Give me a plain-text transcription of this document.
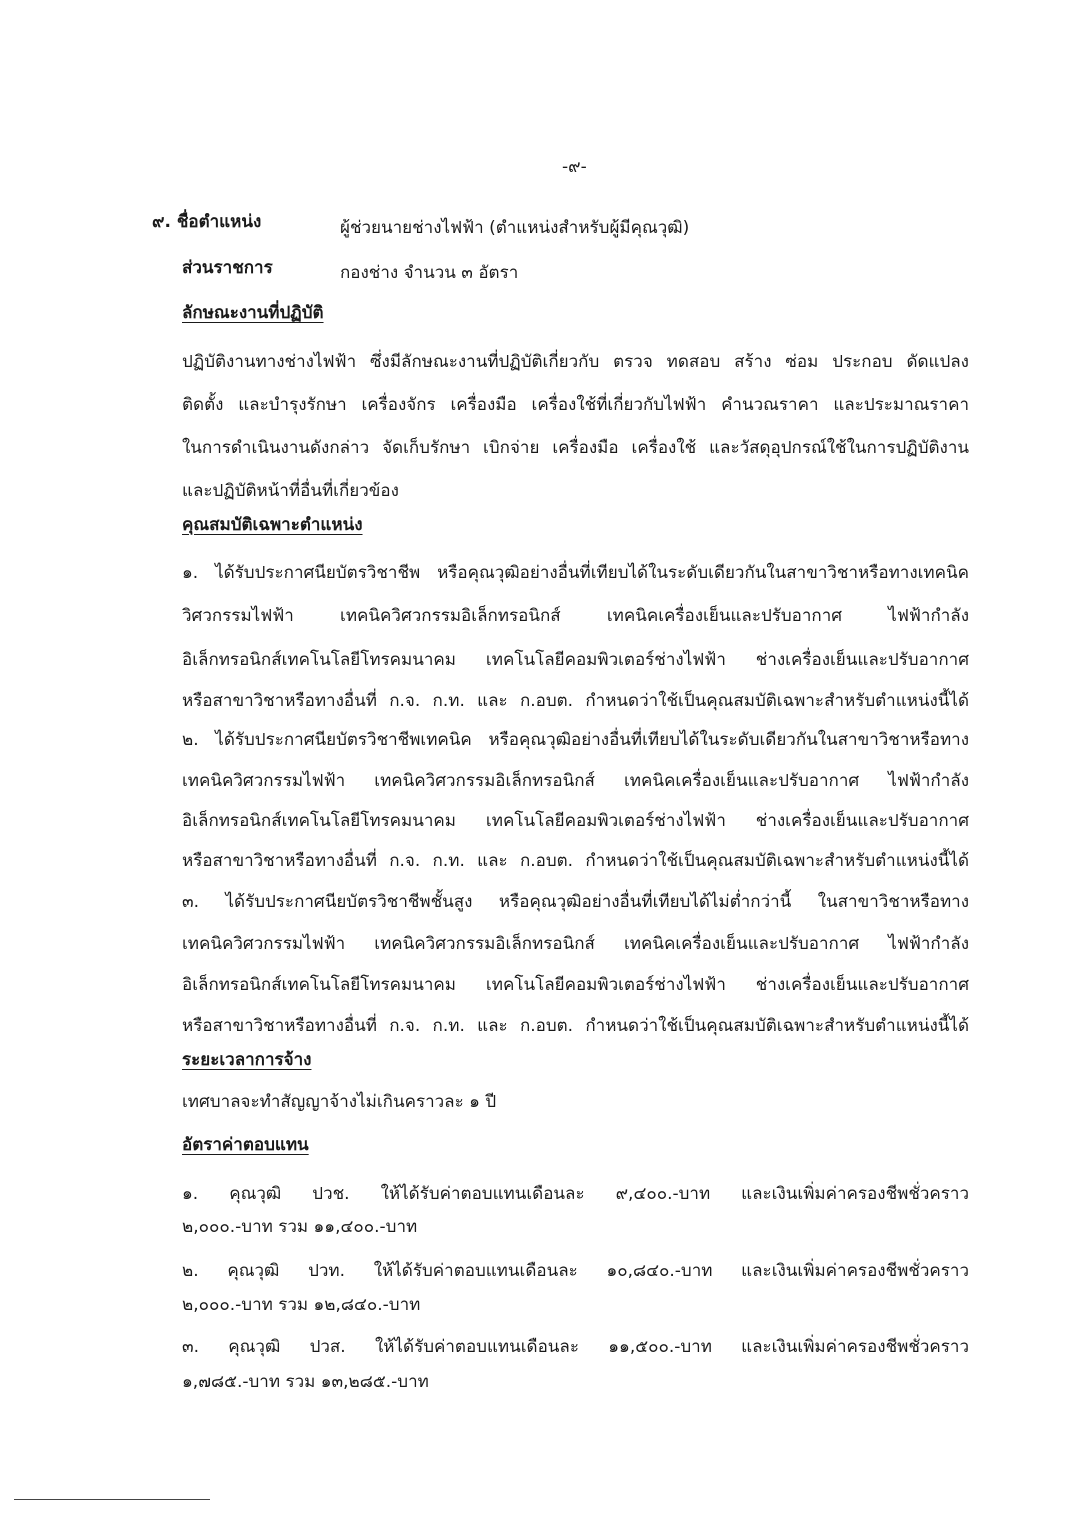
-๙-
๙. ชื่อตำแหน่ง	ผู้ช่วยนายช่างไฟฟ้า (ตำแหน่งสำหรับผู้มีคุณวุฒิ)
ส่วนราชการ	กองช่าง จำนวน ๓ อัตรา
ลักษณะงานที่ปฏิบัติ
ปฏิบัติงานทางช่างไฟฟ้า ซึ่งมีลักษณะงานที่ปฏิบัติเกี่ยวกับ ตรวจ ทดสอบ สร้าง ซ่อม ประกอบ ดัดแปลง
ติดตั้ง และบำรุงรักษา เครื่องจักร เครื่องมือ เครื่องใช้ที่เกี่ยวกับไฟฟ้า คำนวณราคา และประมาณราคา
ในการดำเนินงานดังกล่าว จัดเก็บรักษา เบิกจ่าย เครื่องมือ เครื่องใช้ และวัสดุอุปกรณ์ใช้ในการปฏิบัติงาน
และปฏิบัติหน้าที่อื่นที่เกี่ยวข้อง
คุณสมบัติเฉพาะตำแหน่ง
๑. ได้รับประกาศนียบัตรวิชาชีพ หรือคุณวุฒิอย่างอื่นที่เทียบได้ในระดับเดียวกันในสาขาวิชาหรือทางเทคนิค
วิศวกรรมไฟฟ้า เทคนิควิศวกรรมอิเล็กทรอนิกส์ เทคนิคเครื่องเย็นและปรับอากาศ ไฟฟ้ากำลัง
อิเล็กทรอนิกส์เทคโนโลยีโทรคมนาคม เทคโนโลยีคอมพิวเตอร์ช่างไฟฟ้า ช่างเครื่องเย็นและปรับอากาศ
หรือสาขาวิชาหรือทางอื่นที่ ก.จ. ก.ท. และ ก.อบต. กำหนดว่าใช้เป็นคุณสมบัติเฉพาะสำหรับตำแหน่งนี้ได้
๒. ได้รับประกาศนียบัตรวิชาชีพเทคนิค หรือคุณวุฒิอย่างอื่นที่เทียบได้ในระดับเดียวกันในสาขาวิชาหรือทาง
เทคนิควิศวกรรมไฟฟ้า เทคนิควิศวกรรมอิเล็กทรอนิกส์ เทคนิคเครื่องเย็นและปรับอากาศ ไฟฟ้ากำลัง
อิเล็กทรอนิกส์เทคโนโลยีโทรคมนาคม เทคโนโลยีคอมพิวเตอร์ช่างไฟฟ้า ช่างเครื่องเย็นและปรับอากาศ
หรือสาขาวิชาหรือทางอื่นที่ ก.จ. ก.ท. และ ก.อบต. กำหนดว่าใช้เป็นคุณสมบัติเฉพาะสำหรับตำแหน่งนี้ได้
๓. ได้รับประกาศนียบัตรวิชาชีพชั้นสูง หรือคุณวุฒิอย่างอื่นที่เทียบได้ไม่ต่ำกว่านี้ ในสาขาวิชาหรือทาง
เทคนิควิศวกรรมไฟฟ้า เทคนิควิศวกรรมอิเล็กทรอนิกส์ เทคนิคเครื่องเย็นและปรับอากาศ ไฟฟ้ากำลัง
อิเล็กทรอนิกส์เทคโนโลยีโทรคมนาคม เทคโนโลยีคอมพิวเตอร์ช่างไฟฟ้า ช่างเครื่องเย็นและปรับอากาศ
หรือสาขาวิชาหรือทางอื่นที่ ก.จ. ก.ท. และ ก.อบต. กำหนดว่าใช้เป็นคุณสมบัติเฉพาะสำหรับตำแหน่งนี้ได้
ระยะเวลาการจ้าง
เทศบาลจะทำสัญญาจ้างไม่เกินคราวละ ๑ ปี
อัตราค่าตอบแทน
๑. คุณวุฒิ ปวช. ให้ได้รับค่าตอบแทนเดือนละ ๙,๔๐๐.-บาท และเงินเพิ่มค่าครองชีพชั่วคราว
๒,๐๐๐.-บาท รวม ๑๑,๔๐๐.-บาท
๒. คุณวุฒิ ปวท. ให้ได้รับค่าตอบแทนเดือนละ ๑๐,๘๔๐.-บาท และเงินเพิ่มค่าครองชีพชั่วคราว
๒,๐๐๐.-บาท รวม ๑๒,๘๔๐.-บาท
๓. คุณวุฒิ ปวส. ให้ได้รับค่าตอบแทนเดือนละ ๑๑,๕๐๐.-บาท และเงินเพิ่มค่าครองชีพชั่วคราว
๑,๗๘๕.-บาท รวม ๑๓,๒๘๕.-บาท
